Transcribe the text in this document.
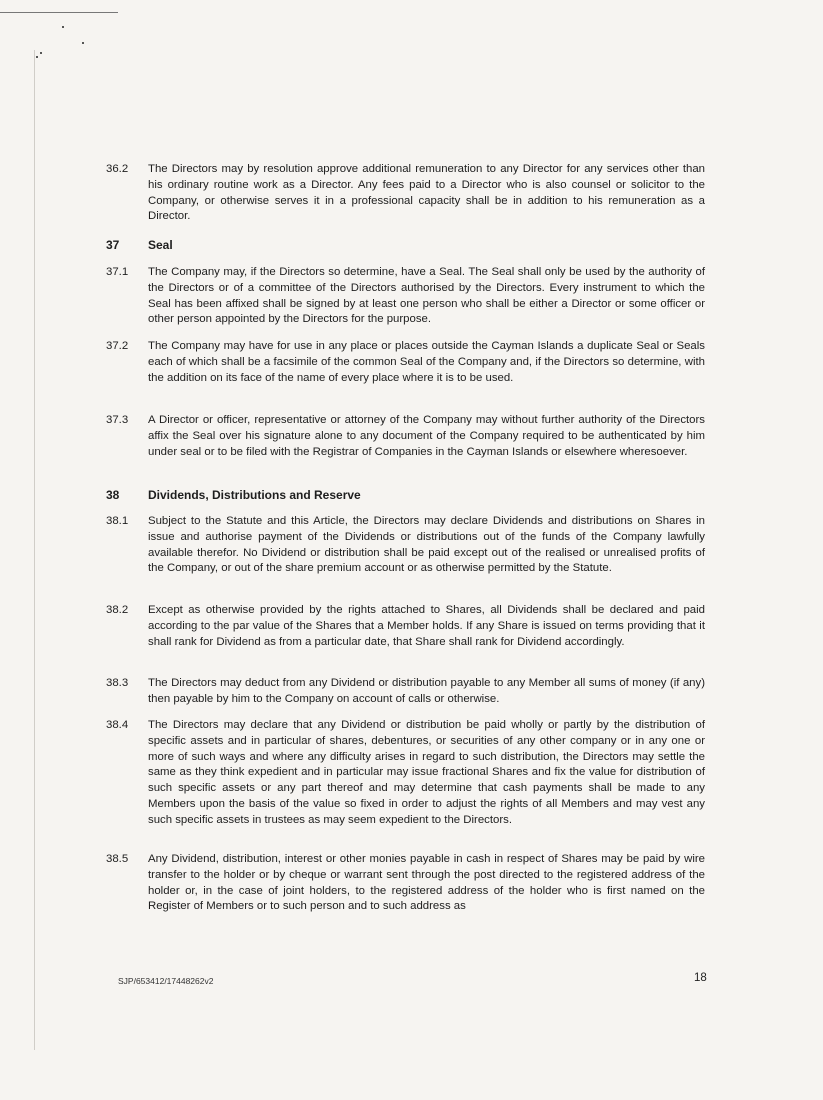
36.2	The Directors may by resolution approve additional remuneration to any Director for any services other than his ordinary routine work as a Director. Any fees paid to a Director who is also counsel or solicitor to the Company, or otherwise serves it in a professional capacity shall be in addition to his remuneration as a Director.
37	Seal
37.1	The Company may, if the Directors so determine, have a Seal. The Seal shall only be used by the authority of the Directors or of a committee of the Directors authorised by the Directors. Every instrument to which the Seal has been affixed shall be signed by at least one person who shall be either a Director or some officer or other person appointed by the Directors for the purpose.
37.2	The Company may have for use in any place or places outside the Cayman Islands a duplicate Seal or Seals each of which shall be a facsimile of the common Seal of the Company and, if the Directors so determine, with the addition on its face of the name of every place where it is to be used.
37.3	A Director or officer, representative or attorney of the Company may without further authority of the Directors affix the Seal over his signature alone to any document of the Company required to be authenticated by him under seal or to be filed with the Registrar of Companies in the Cayman Islands or elsewhere wheresoever.
38	Dividends, Distributions and Reserve
38.1	Subject to the Statute and this Article, the Directors may declare Dividends and distributions on Shares in issue and authorise payment of the Dividends or distributions out of the funds of the Company lawfully available therefor. No Dividend or distribution shall be paid except out of the realised or unrealised profits of the Company, or out of the share premium account or as otherwise permitted by the Statute.
38.2	Except as otherwise provided by the rights attached to Shares, all Dividends shall be declared and paid according to the par value of the Shares that a Member holds. If any Share is issued on terms providing that it shall rank for Dividend as from a particular date, that Share shall rank for Dividend accordingly.
38.3	The Directors may deduct from any Dividend or distribution payable to any Member all sums of money (if any) then payable by him to the Company on account of calls or otherwise.
38.4	The Directors may declare that any Dividend or distribution be paid wholly or partly by the distribution of specific assets and in particular of shares, debentures, or securities of any other company or in any one or more of such ways and where any difficulty arises in regard to such distribution, the Directors may settle the same as they think expedient and in particular may issue fractional Shares and fix the value for distribution of such specific assets or any part thereof and may determine that cash payments shall be made to any Members upon the basis of the value so fixed in order to adjust the rights of all Members and may vest any such specific assets in trustees as may seem expedient to the Directors.
38.5	Any Dividend, distribution, interest or other monies payable in cash in respect of Shares may be paid by wire transfer to the holder or by cheque or warrant sent through the post directed to the registered address of the holder or, in the case of joint holders, to the registered address of the holder who is first named on the Register of Members or to such person and to such address as
SJP/653412/17448262v2	18
